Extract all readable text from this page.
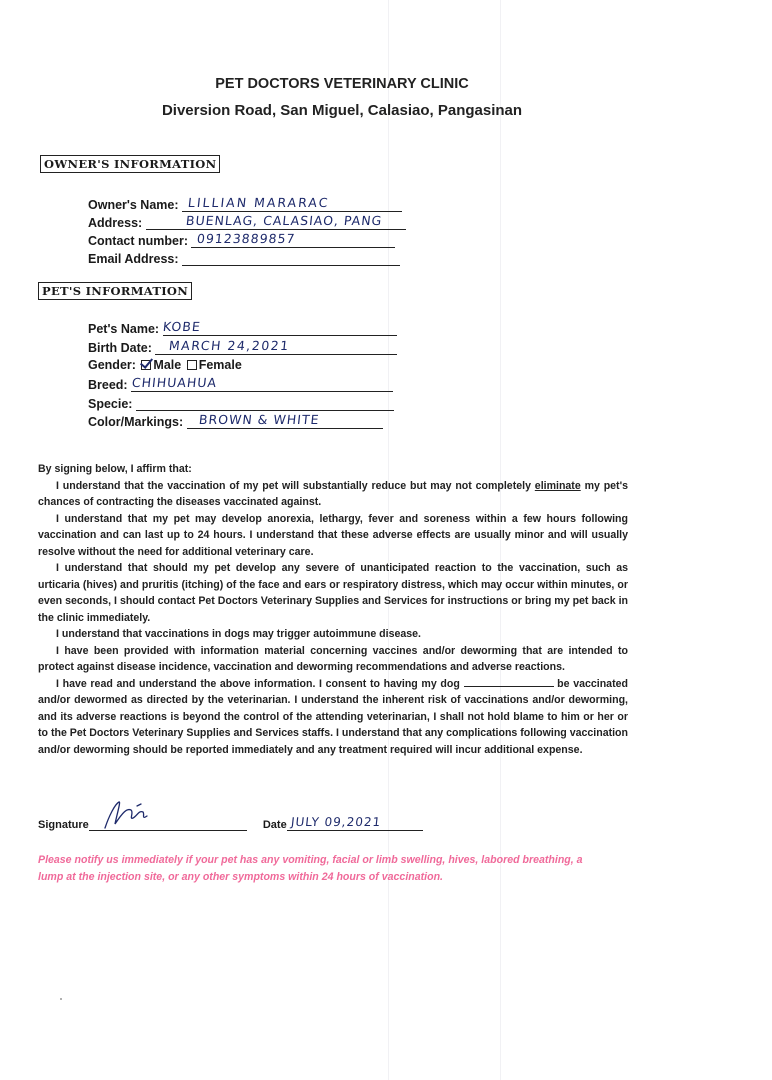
PET DOCTORS VETERINARY CLINIC
Diversion Road, San Miguel, Calasiao, Pangasinan
OWNER'S INFORMATION
Owner's Name: LILLIAN MARARAC
Address:	BUENLAG, CALASIAO, PANG
Contact number: 09123889857
Email Address:
PET'S INFORMATION
Pet's Name: KOBE
Birth Date: MARCH 24,2021
Gender: Male Female
Breed: CHIHUAHUA
Specie:
Color/Markings: BROWN & WHITE

By signing below, I affirm that:

I understand that the vaccination of my pet will substantially reduce but may not completely eliminate my pet's chances of contracting the diseases vaccinated against.

I understand that my pet may develop anorexia, lethargy, fever and soreness within a few hours following vaccination and can last up to 24 hours. I understand that these adverse effects are usually minor and will usually resolve without the need for additional veterinary care.

I understand that should my pet develop any severe of unanticipated reaction to the vaccination, such as urticaria (hives) and pruritis (itching) of the face and ears or respiratory distress, which may occur within minutes, or even seconds, I should contact Pet Doctors Veterinary Supplies and Services for instructions or bring my pet back in the clinic immediately.

I understand that vaccinations in dogs may trigger autoimmune disease.

I have been provided with information material concerning vaccines and/or deworming that are intended to protect against disease incidence, vaccination and deworming recommendations and adverse reactions.

I have read and understand the above information. I consent to having my dog	be vaccinated and/or dewormed as directed by the veterinarian. I understand the inherent risk of vaccinations and/or deworming, and its adverse reactions is beyond the control of the attending veterinarian, I shall not hold blame to him or her or to the Pet Doctors Veterinary Supplies and Services staffs. I understand that any complications following vaccination and/or deworming should be reported immediately and any treatment required will incur additional expense.

Signature	Date JULY 09,2021
Please notify us immediately if your pet has any vomiting, facial or limb swelling, hives, labored breathing, a lump at the injection site, or any other symptoms within 24 hours of vaccination.
